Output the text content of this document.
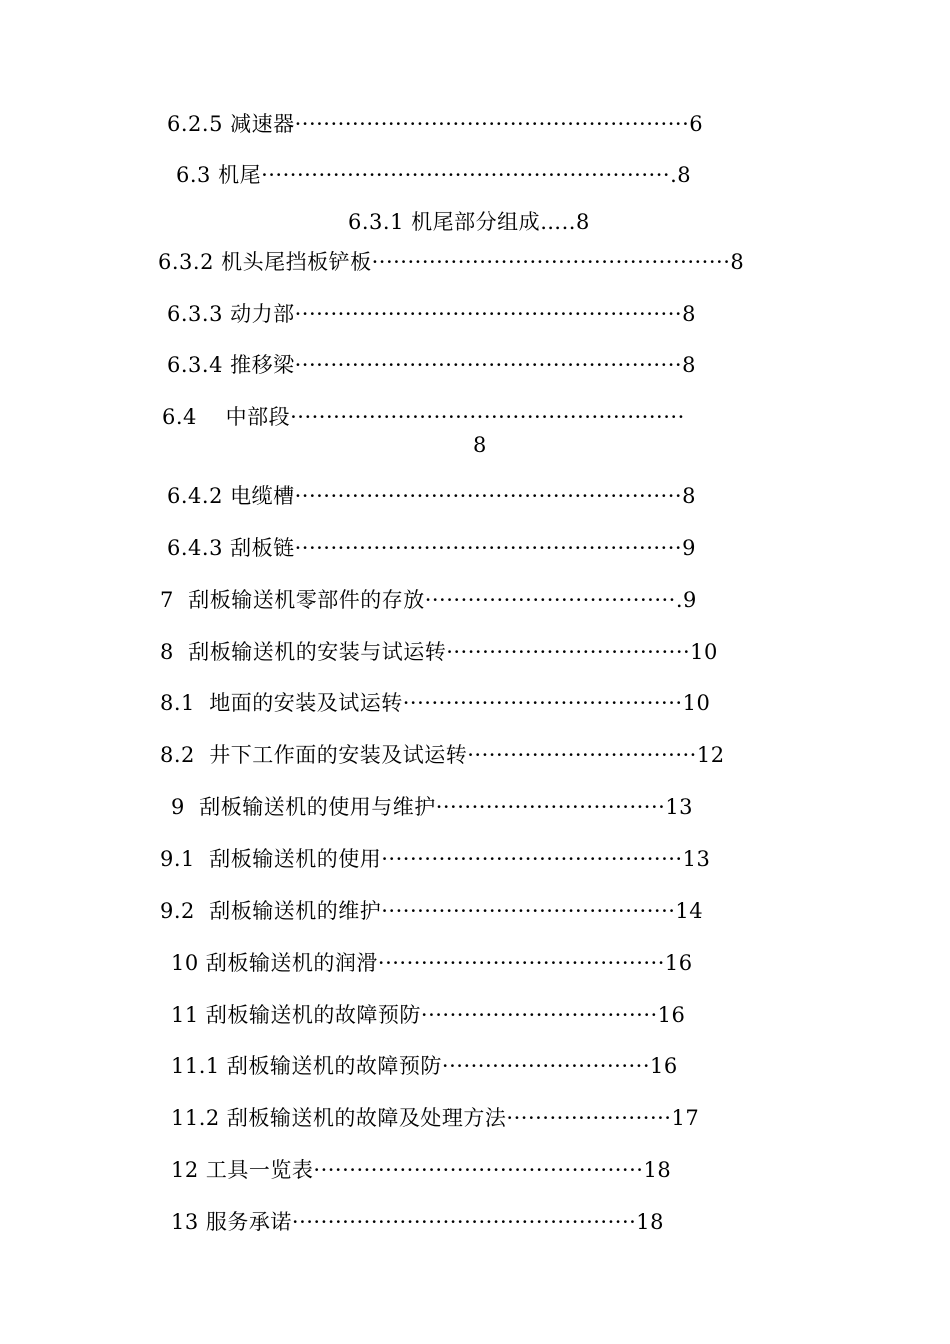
6.2.5 减速器·······················································6
6.3 机尾·························································.8
6.3.1 机尾部分组成…..8
6.3.2 机头尾挡板铲板··················································8
6.3.3 动力部······················································8
6.3.4 推移梁······················································8
6.4    中部段·······················································
8
6.4.2 电缆槽······················································8
6.4.3 刮板链······················································9
7  刮板输送机零部件的存放···································.9
8  刮板输送机的安装与试运转··································10
8.1  地面的安装及试运转·······································10
8.2  井下工作面的安装及试运转································12
9  刮板输送机的使用与维护································13
9.1  刮板输送机的使用··········································13
9.2  刮板输送机的维护·········································14
10 刮板输送机的润滑········································16
11 刮板输送机的故障预防·································16
11.1 刮板输送机的故障预防·····························16
11.2 刮板输送机的故障及处理方法·······················17
12 工具一览表··············································18
13 服务承诺················································18
